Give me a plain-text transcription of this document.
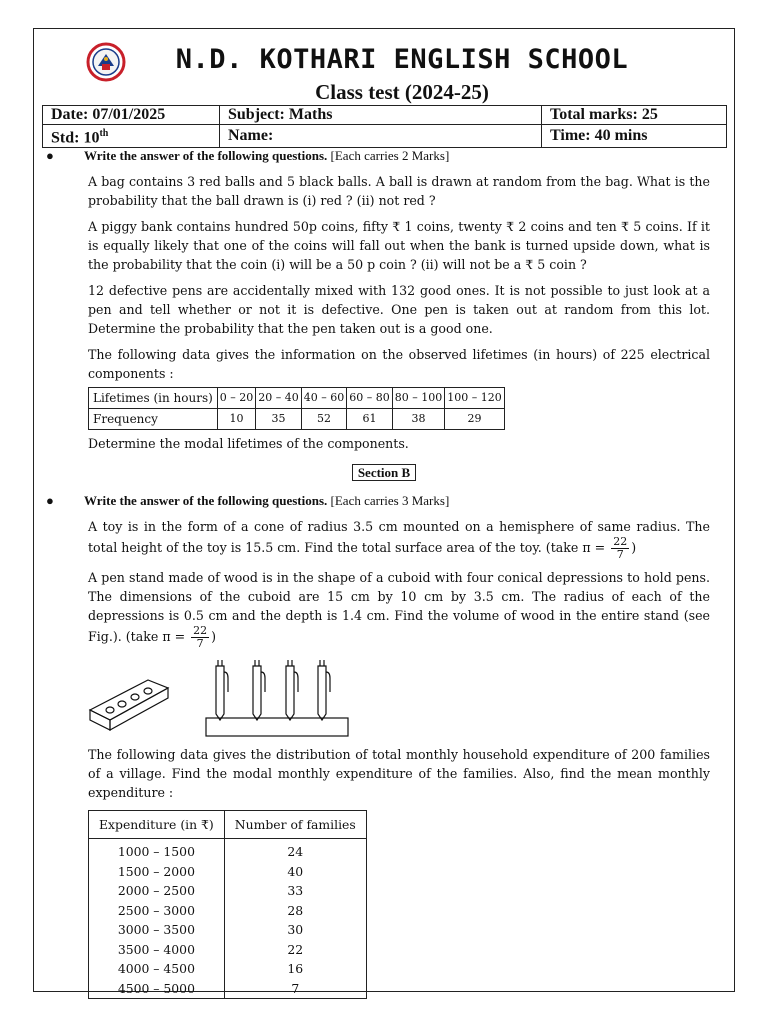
N.D. KOTHARI ENGLISH SCHOOL
Class test (2024-25)
Date: 07/01/2025	Subject: Maths	Total marks: 25
Std: 10th	Name:	Time: 40 mins
● Write the answer of the following questions. [Each carries 2 Marks]
A bag contains 3 red balls and 5 black balls. A ball is drawn at random from the bag. What is the probability that the ball drawn is (i) red ? (ii) not red ?
A piggy bank contains hundred 50p coins, fifty ₹ 1 coins, twenty ₹ 2 coins and ten ₹ 5 coins. If it is equally likely that one of the coins will fall out when the bank is turned upside down, what is the probability that the coin (i) will be a 50 p coin ? (ii) will not be a ₹ 5 coin ?
12 defective pens are accidentally mixed with 132 good ones. It is not possible to just look at a pen and tell whether or not it is defective. One pen is taken out at random from this lot. Determine the probability that the pen taken out is a good one.
The following data gives the information on the observed lifetimes (in hours) of 225 electrical components :
Lifetimes (in hours)	0 – 20	20 – 40	40 – 60	60 – 80	80 – 100	100 – 120
Frequency	10	35	52	61	38	29
Determine the modal lifetimes of the components.
Section B
● Write the answer of the following questions. [Each carries 3 Marks]
A toy is in the form of a cone of radius 3.5 cm mounted on a hemisphere of same radius. The total height of the toy is 15.5 cm. Find the total surface area of the toy. (take $\pi = \frac{22}{7}$ )
A pen stand made of wood is in the shape of a cuboid with four conical depressions to hold pens. The dimensions of the cuboid are 15 cm by 10 cm by 3.5 cm. The radius of each of the depressions is 0.5 cm and the depth is 1.4 cm. Find the volume of wood in the entire stand (see Fig.). (take $\pi = \frac{22}{7}$ )
The following data gives the distribution of total monthly household expenditure of 200 families of a village. Find the modal monthly expenditure of the families. Also, find the mean monthly expenditure :
Expenditure (in ₹)	Number of families
1000 – 1500	24
1500 – 2000	40
2000 – 2500	33
2500 – 3000	28
3000 – 3500	30
3500 – 4000	22
4000 – 4500	16
4500 – 5000	7
